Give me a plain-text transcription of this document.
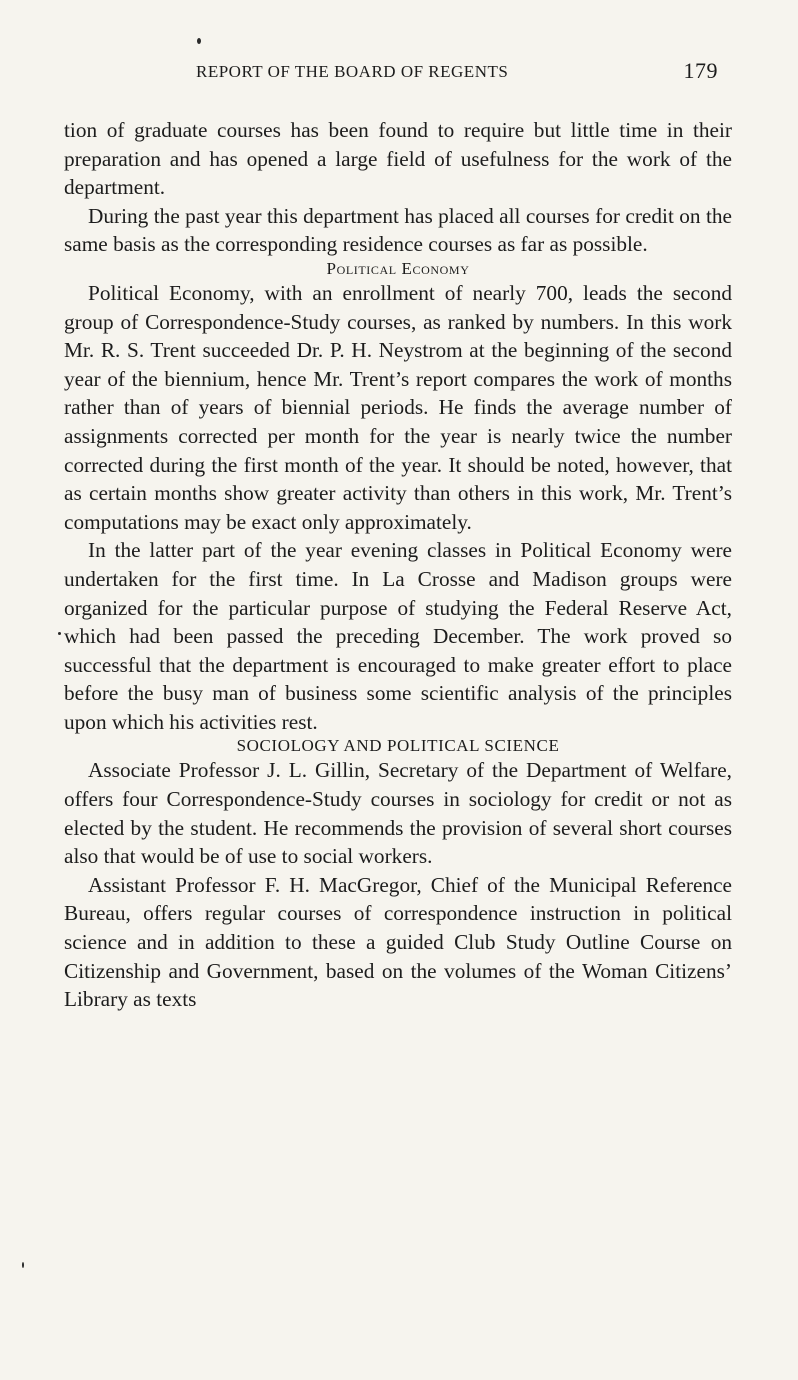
REPORT OF THE BOARD OF REGENTS	179

tion of graduate courses has been found to require but little time in their preparation and has opened a large field of usefulness for the work of the department.

During the past year this department has placed all courses for credit on the same basis as the corresponding residence courses as far as possible.

Political Economy

Political Economy, with an enrollment of nearly 700, leads the second group of Correspondence-Study courses, as ranked by numbers. In this work Mr. R. S. Trent succeeded Dr. P. H. Neystrom at the beginning of the second year of the biennium, hence Mr. Trent’s report compares the work of months rather than of years of biennial periods. He finds the average number of assignments corrected per month for the year is nearly twice the number corrected during the first month of the year. It should be noted, however, that as certain months show greater activity than others in this work, Mr. Trent’s computations may be exact only approximately.

In the latter part of the year evening classes in Political Economy were undertaken for the first time. In La Crosse and Madison groups were organized for the particular purpose of studying the Federal Reserve Act, which had been passed the preceding December. The work proved so successful that the department is encouraged to make greater effort to place before the busy man of business some scientific analysis of the principles upon which his activities rest.

SOCIOLOGY AND POLITICAL SCIENCE

Associate Professor J. L. Gillin, Secretary of the Department of Welfare, offers four Correspondence-Study courses in sociology for credit or not as elected by the student. He recommends the provision of several short courses also that would be of use to social workers.

Assistant Professor F. H. MacGregor, Chief of the Municipal Reference Bureau, offers regular courses of correspondence instruction in political science and in addition to these a guided Club Study Outline Course on Citizenship and Government, based on the volumes of the Woman Citizens’ Library as texts
